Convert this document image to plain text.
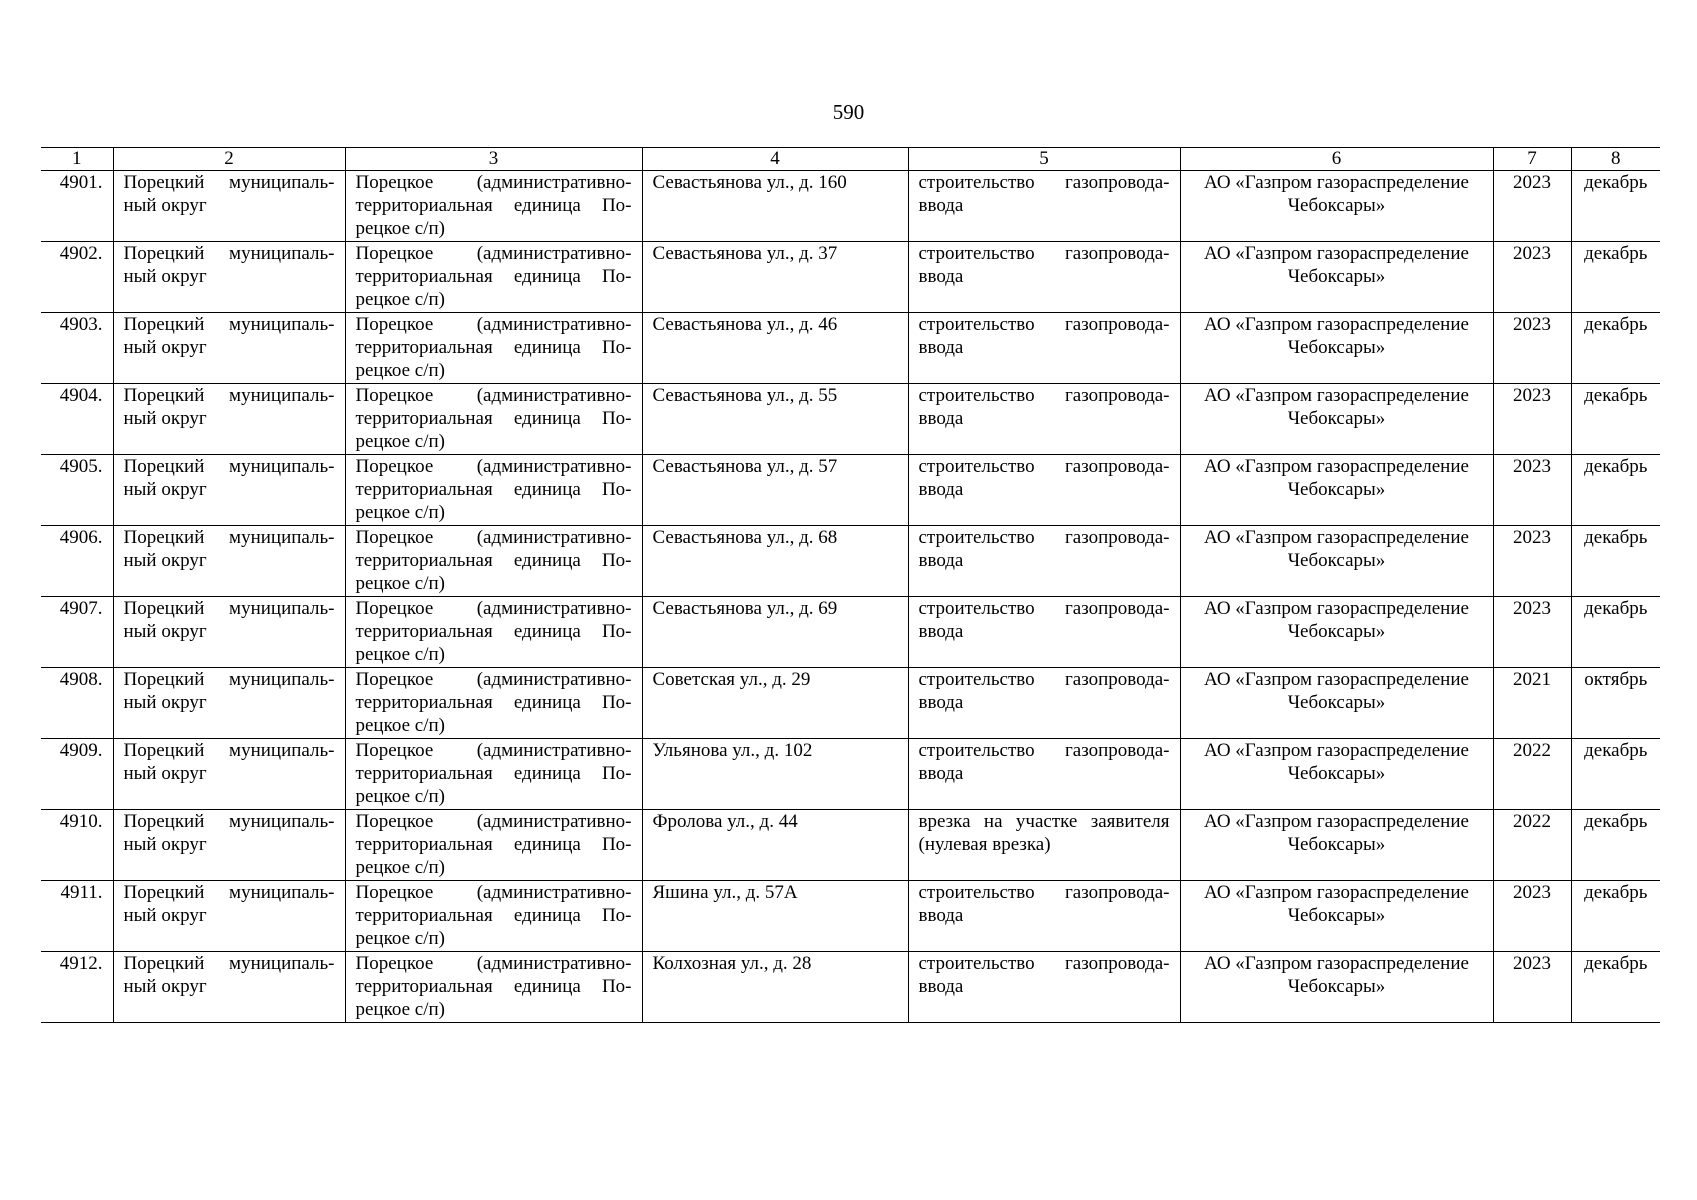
590
1	2	3	4	5	6	7	8
4901.	Порецкий муниципаль-ный округ	Порецкое (административно-территориальная единица По-рецкое с/п)	Севастьянова ул., д. 160	строительство газопровода-ввода	АО «Газпром газораспределение Чебоксары»	2023	декабрь
4902.	Порецкий муниципаль-ный округ	Порецкое (административно-территориальная единица По-рецкое с/п)	Севастьянова ул., д. 37	строительство газопровода-ввода	АО «Газпром газораспределение Чебоксары»	2023	декабрь
4903.	Порецкий муниципаль-ный округ	Порецкое (административно-территориальная единица По-рецкое с/п)	Севастьянова ул., д. 46	строительство газопровода-ввода	АО «Газпром газораспределение Чебоксары»	2023	декабрь
4904.	Порецкий муниципаль-ный округ	Порецкое (административно-территориальная единица По-рецкое с/п)	Севастьянова ул., д. 55	строительство газопровода-ввода	АО «Газпром газораспределение Чебоксары»	2023	декабрь
4905.	Порецкий муниципаль-ный округ	Порецкое (административно-территориальная единица По-рецкое с/п)	Севастьянова ул., д. 57	строительство газопровода-ввода	АО «Газпром газораспределение Чебоксары»	2023	декабрь
4906.	Порецкий муниципаль-ный округ	Порецкое (административно-территориальная единица По-рецкое с/п)	Севастьянова ул., д. 68	строительство газопровода-ввода	АО «Газпром газораспределение Чебоксары»	2023	декабрь
4907.	Порецкий муниципаль-ный округ	Порецкое (административно-территориальная единица По-рецкое с/п)	Севастьянова ул., д. 69	строительство газопровода-ввода	АО «Газпром газораспределение Чебоксары»	2023	декабрь
4908.	Порецкий муниципаль-ный округ	Порецкое (административно-территориальная единица По-рецкое с/п)	Советская ул., д. 29	строительство газопровода-ввода	АО «Газпром газораспределение Чебоксары»	2021	октябрь
4909.	Порецкий муниципаль-ный округ	Порецкое (административно-территориальная единица По-рецкое с/п)	Ульянова ул., д. 102	строительство газопровода-ввода	АО «Газпром газораспределение Чебоксары»	2022	декабрь
4910.	Порецкий муниципаль-ный округ	Порецкое (административно-территориальная единица По-рецкое с/п)	Фролова ул., д. 44	врезка на участке заявителя (нулевая врезка)	АО «Газпром газораспределение Чебоксары»	2022	декабрь
4911.	Порецкий муниципаль-ный округ	Порецкое (административно-территориальная единица По-рецкое с/п)	Яшина ул., д. 57А	строительство газопровода-ввода	АО «Газпром газораспределение Чебоксары»	2023	декабрь
4912.	Порецкий муниципаль-ный округ	Порецкое (административно-территориальная единица По-рецкое с/п)	Колхозная ул., д. 28	строительство газопровода-ввода	АО «Газпром газораспределение Чебоксары»	2023	декабрь
